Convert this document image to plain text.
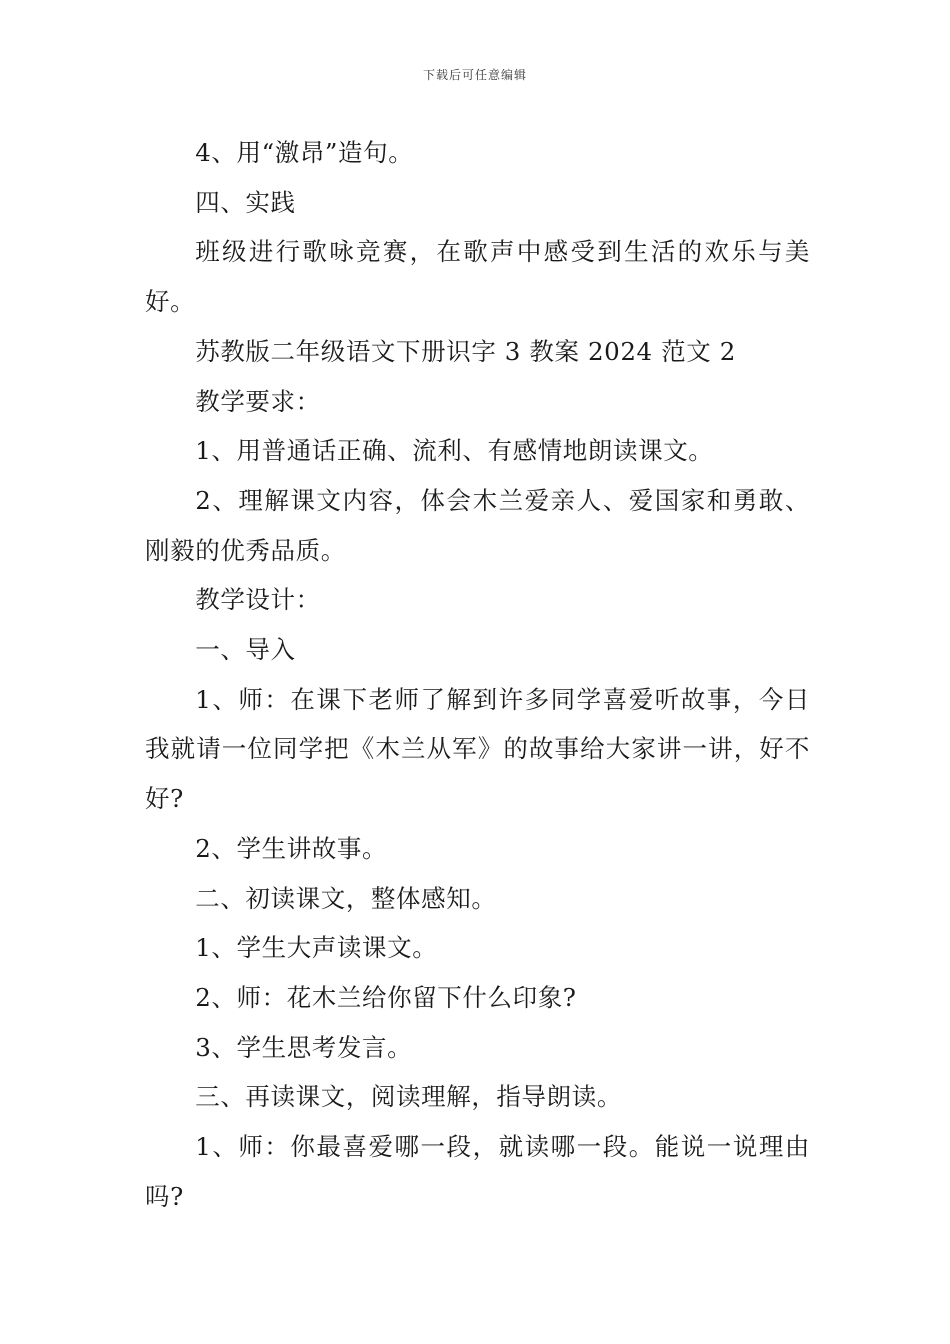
下载后可任意编辑

4、用“激昂”造句。

四、实践

班级进行歌咏竞赛，在歌声中感受到生活的欢乐与美好。

苏教版二年级语文下册识字 3 教案 2024 范文 2

教学要求：

1、用普通话正确、流利、有感情地朗读课文。

2、理解课文内容，体会木兰爱亲人、爱国家和勇敢、刚毅的优秀品质。

教学设计：

一、导入

1、师：在课下老师了解到许多同学喜爱听故事，今日我就请一位同学把《木兰从军》的故事给大家讲一讲，好不好?

2、学生讲故事。

二、初读课文，整体感知。

1、学生大声读课文。

2、师：花木兰给你留下什么印象?

3、学生思考发言。

三、再读课文，阅读理解，指导朗读。

1、师：你最喜爱哪一段，就读哪一段。能说一说理由吗?
